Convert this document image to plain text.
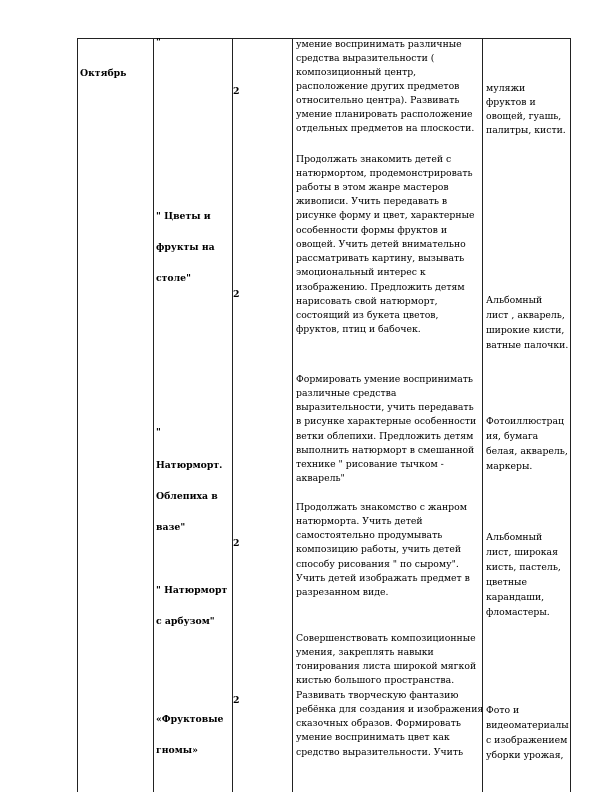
Октябрь
"
2
умение воспринимать различные
средства выразительности (
композиционный центр,
расположение других предметов
относительно центра). Развивать
умение планировать расположение
отдельных предметов на плоскости.
муляжи
фруктов и
овощей, гуашь,
палитры, кисти.
" Цветы и
фрукты на
столе"
2
Продолжать знакомить детей с
натюрмортом, продемонстрировать
работы в этом жанре мастеров
живописи. Учить передавать в
рисунке форму и цвет, характерные
особенности формы фруктов и
овощей. Учить детей внимательно
рассматривать картину, вызывать
эмоциональный интерес к
изображению. Предложить детям
нарисовать свой натюрморт,
состоящий из букета цветов,
фруктов, птиц и бабочек.
Альбомный
лист , акварель,
широкие кисти,
ватные палочки.
"
Натюрморт.
Облепиха в
вазе"
Формировать умение воспринимать
различные средства
выразительности, учить передавать
в рисунке характерные особенности
ветки облепихи. Предложить детям
выполнить натюрморт в смешанной
технике " рисование тычком -
акварель"
Фотоиллюстрац
ия, бумага
белая, акварель,
маркеры.
" Натюрморт
с арбузом"
2
Продолжать знакомство с жанром
натюрморта. Учить детей
самостоятельно продумывать
композицию работы, учить детей
способу рисования " по сырому".
Учить детей изображать предмет в
разрезанном виде.
Альбомный
лист, широкая
кисть, пастель,
цветные
карандаши,
фломастеры.
«Фруктовые
гномы»
2
Совершенствовать композиционные
умения, закреплять навыки
тонирования листа широкой мягкой
кистью большого пространства.
Развивать творческую фантазию
ребёнка для создания и изображения
сказочных образов. Формировать
умение воспринимать цвет как
средство выразительности. Учить
Фото и
видеоматериалы
с изображением
уборки урожая,
